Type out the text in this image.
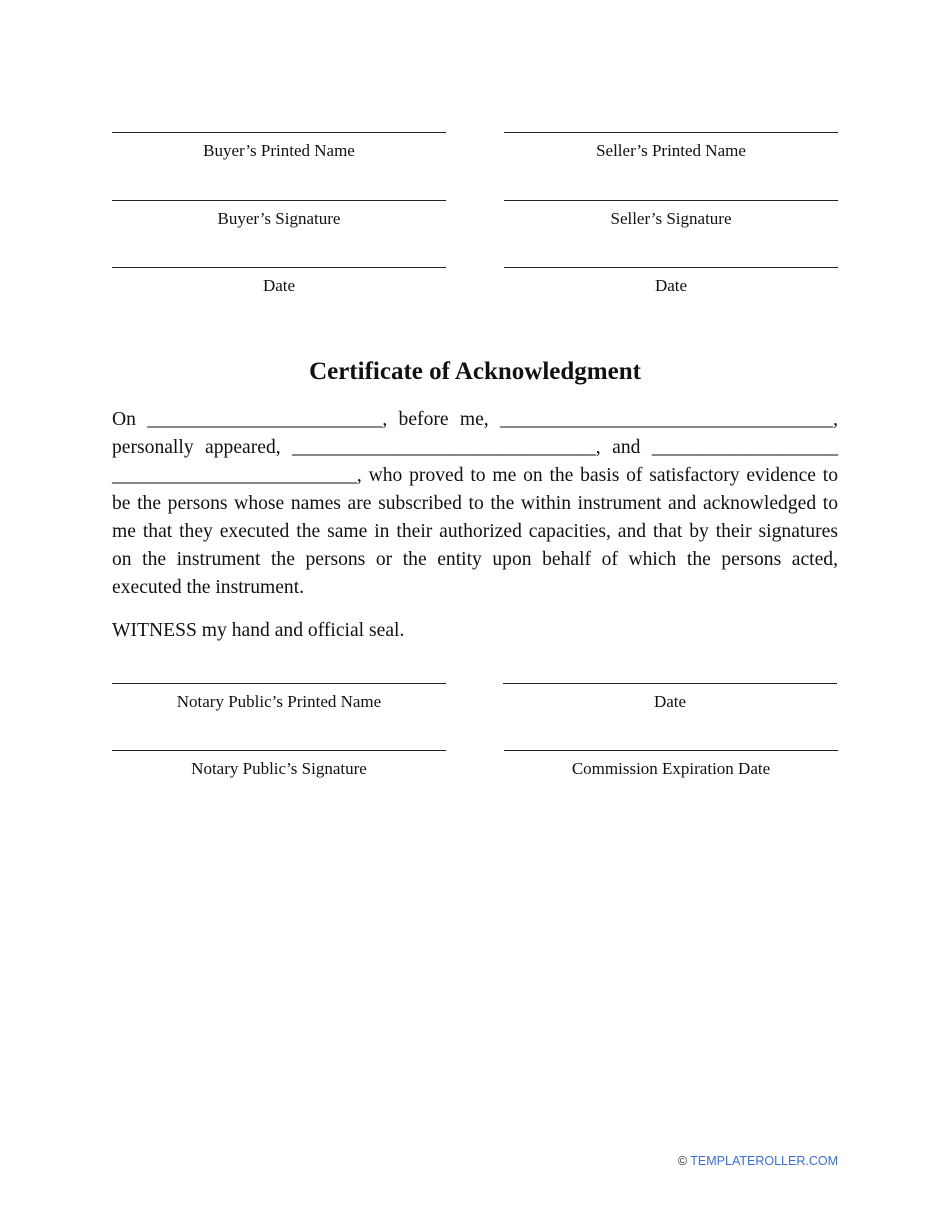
Buyer’s Printed Name	Seller’s Printed Name
Buyer’s Signature	Seller’s Signature
Date	Date
Certificate of Acknowledgment
On ________________________, before me, __________________________________,
personally appeared, _______________________________, and ___________________
_________________________, who proved to me on the basis of satisfactory evidence to
be the persons whose names are subscribed to the within instrument and acknowledged to
me that they executed the same in their authorized capacities, and that by their signatures
on the instrument the persons or the entity upon behalf of which the persons acted,
executed the instrument.
WITNESS my hand and official seal.
Notary Public’s Printed Name	Date
Notary Public’s Signature	Commission Expiration Date
© TEMPLATEROLLER.COM
